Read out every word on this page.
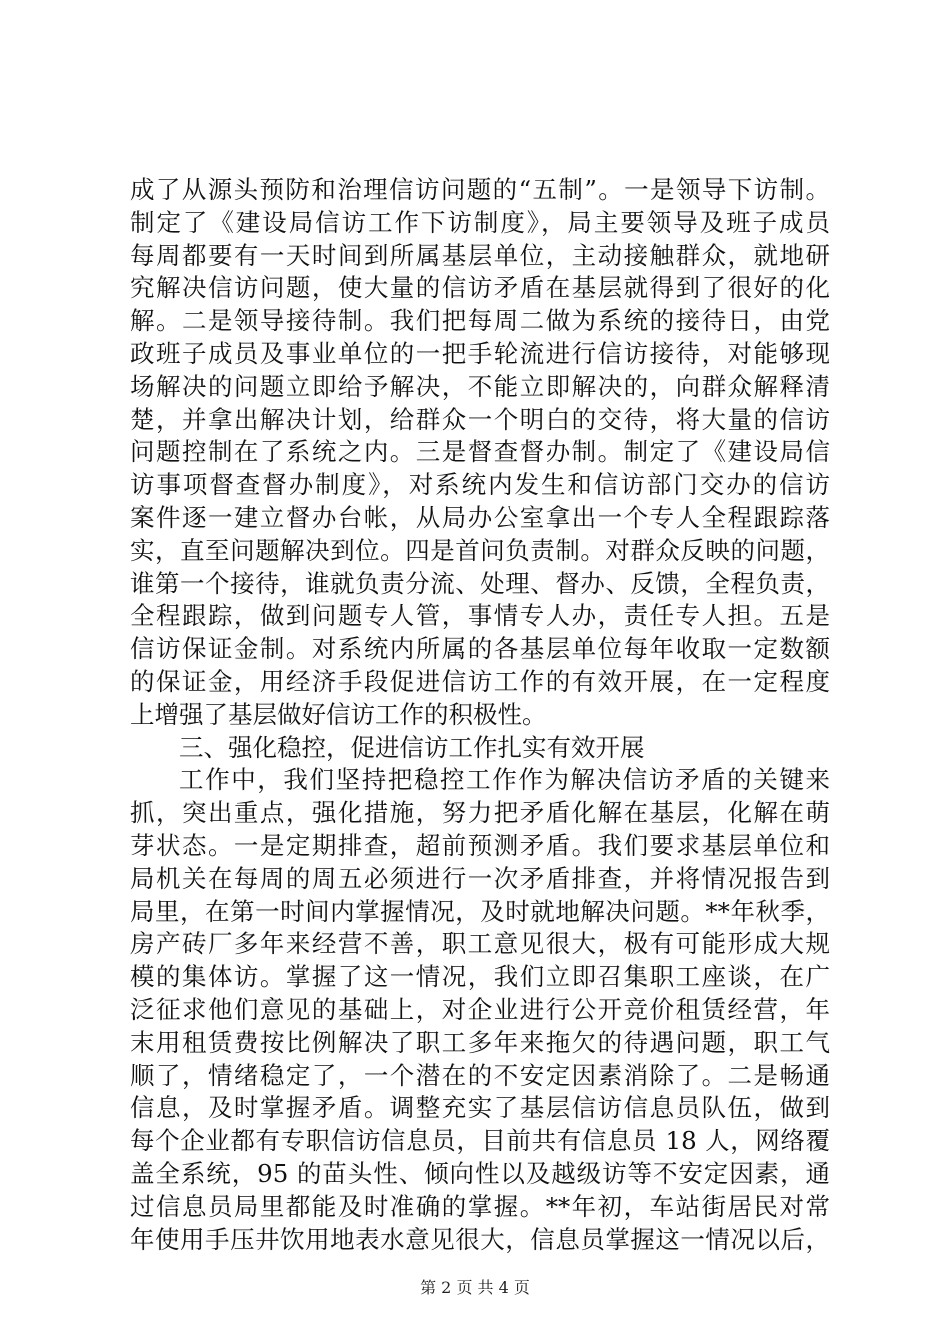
成了从源头预防和治理信访问题的“五制”。一是领导下访制。
制定了《建设局信访工作下访制度》，局主要领导及班子成员
每周都要有一天时间到所属基层单位，主动接触群众，就地研
究解决信访问题，使大量的信访矛盾在基层就得到了很好的化
解。二是领导接待制。我们把每周二做为系统的接待日，由党
政班子成员及事业单位的一把手轮流进行信访接待，对能够现
场解决的问题立即给予解决，不能立即解决的，向群众解释清
楚，并拿出解决计划，给群众一个明白的交待，将大量的信访
问题控制在了系统之内。三是督查督办制。制定了《建设局信
访事项督查督办制度》，对系统内发生和信访部门交办的信访
案件逐一建立督办台帐，从局办公室拿出一个专人全程跟踪落
实，直至问题解决到位。四是首问负责制。对群众反映的问题，
谁第一个接待，谁就负责分流、处理、督办、反馈，全程负责，
全程跟踪，做到问题专人管，事情专人办，责任专人担。五是
信访保证金制。对系统内所属的各基层单位每年收取一定数额
的保证金，用经济手段促进信访工作的有效开展，在一定程度
上增强了基层做好信访工作的积极性。
三、强化稳控，促进信访工作扎实有效开展
工作中，我们坚持把稳控工作作为解决信访矛盾的关键来
抓，突出重点，强化措施，努力把矛盾化解在基层，化解在萌
芽状态。一是定期排查，超前预测矛盾。我们要求基层单位和
局机关在每周的周五必须进行一次矛盾排查，并将情况报告到
局里，在第一时间内掌握情况，及时就地解决问题。**年秋季，
房产砖厂多年来经营不善，职工意见很大，极有可能形成大规
模的集体访。掌握了这一情况，我们立即召集职工座谈，在广
泛征求他们意见的基础上，对企业进行公开竞价租赁经营，年
末用租赁费按比例解决了职工多年来拖欠的待遇问题，职工气
顺了，情绪稳定了，一个潜在的不安定因素消除了。二是畅通
信息，及时掌握矛盾。调整充实了基层信访信息员队伍，做到
每个企业都有专职信访信息员，目前共有信息员 18 人，网络覆
盖全系统，95 的苗头性、倾向性以及越级访等不安定因素，通
过信息员局里都能及时准确的掌握。**年初，车站街居民对常
年使用手压井饮用地表水意见很大，信息员掌握这一情况以后，
第 2 页 共 4 页
